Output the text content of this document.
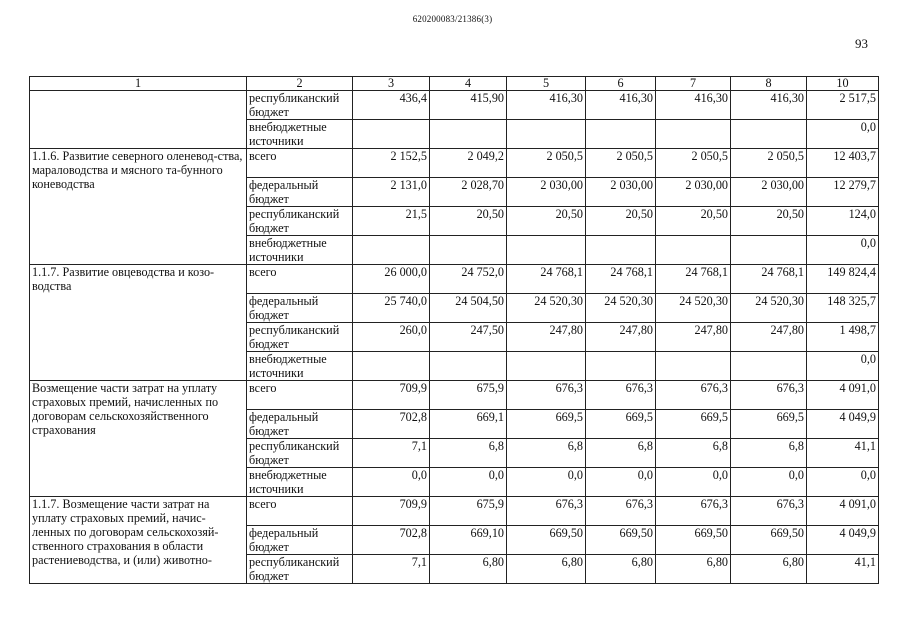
620200083/21386(3)
93
1	2	3	4	5	6	7	8	10
	республиканский бюджет	436,4	415,90	416,30	416,30	416,30	416,30	2 517,5
	внебюджетные источники							0,0
1.1.6. Развитие северного оленевод-ства, мараловодства и мясного та-бунного коневодства	всего	2 152,5	2 049,2	2 050,5	2 050,5	2 050,5	2 050,5	12 403,7
	федеральный бюджет	2 131,0	2 028,70	2 030,00	2 030,00	2 030,00	2 030,00	12 279,7
	республиканский бюджет	21,5	20,50	20,50	20,50	20,50	20,50	124,0
	внебюджетные источники							0,0
1.1.7. Развитие овцеводства и козо-водства	всего	26 000,0	24 752,0	24 768,1	24 768,1	24 768,1	24 768,1	149 824,4
	федеральный бюджет	25 740,0	24 504,50	24 520,30	24 520,30	24 520,30	24 520,30	148 325,7
	республиканский бюджет	260,0	247,50	247,80	247,80	247,80	247,80	1 498,7
	внебюджетные источники							0,0
Возмещение части затрат на уплату страховых премий, начисленных по договорам сельскохозяйственного страхования	всего	709,9	675,9	676,3	676,3	676,3	676,3	4 091,0
	федеральный бюджет	702,8	669,1	669,5	669,5	669,5	669,5	4 049,9
	республиканский бюджет	7,1	6,8	6,8	6,8	6,8	6,8	41,1
	внебюджетные источники	0,0	0,0	0,0	0,0	0,0	0,0	0,0
1.1.7. Возмещение части затрат на уплату страховых премий, начис-ленных по договорам сельскохозяй-ственного страхования в области растениеводства, и (или) животно-	всего	709,9	675,9	676,3	676,3	676,3	676,3	4 091,0
	федеральный бюджет	702,8	669,10	669,50	669,50	669,50	669,50	4 049,9
	республиканский бюджет	7,1	6,80	6,80	6,80	6,80	6,80	41,1
